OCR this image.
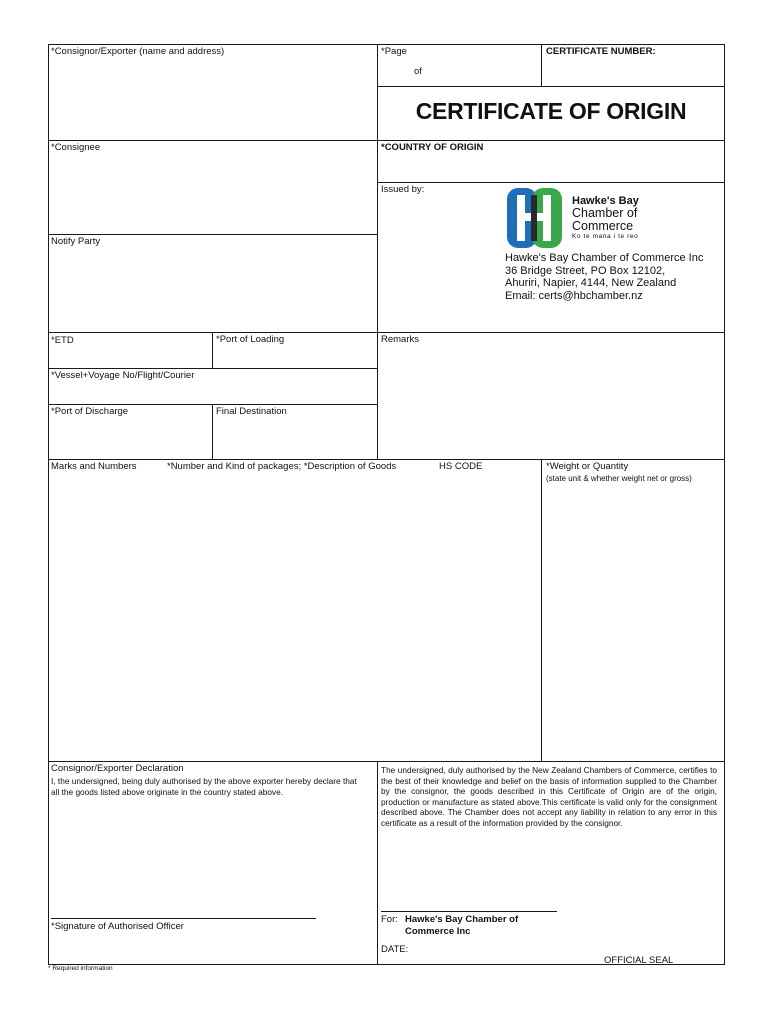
*Consignor/Exporter (name and address)	*Page
of
CERTIFICATE NUMBER:
CERTIFICATE OF ORIGIN
*Consignee	*COUNTRY OF ORIGIN
Issued by:
Hawke's Bay
Chamber of
Commerce
Ko te mana i te reo
Hawke's Bay Chamber of Commerce Inc
36 Bridge Street, PO Box 12102,
Ahuriri, Napier, 4144, New Zealand
Email: certs@hbchamber.nz
Notify Party
*ETD	*Port of Loading	Remarks
*Vessel+Voyage No/Flight/Courier
*Port of Discharge	Final Destination
Marks and Numbers	*Number and Kind of packages; *Description of Goods	HS CODE	*Weight or Quantity
(state unit & whether weight net or gross)
Consignor/Exporter Declaration
I, the undersigned, being duly authorised by the above exporter hereby declare that all the goods listed above originate in the country stated above.
The undersigned, duly authorised by the New Zealand Chambers of Commerce, certifies to the best of their knowledge and belief on the basis of information supplied to the Chamber by the consignor, the goods described in this Certificate of Origin are of the origin, production or manufacture as stated above.This certificate is valid only for the consignment described above. The Chamber does not accept any liability in relation to any error in this certificate as a result of the information provided by the consignor.
*Signature of Authorised Officer
For: Hawke's Bay Chamber of
Commerce Inc
DATE:
OFFICIAL SEAL
* Required information
